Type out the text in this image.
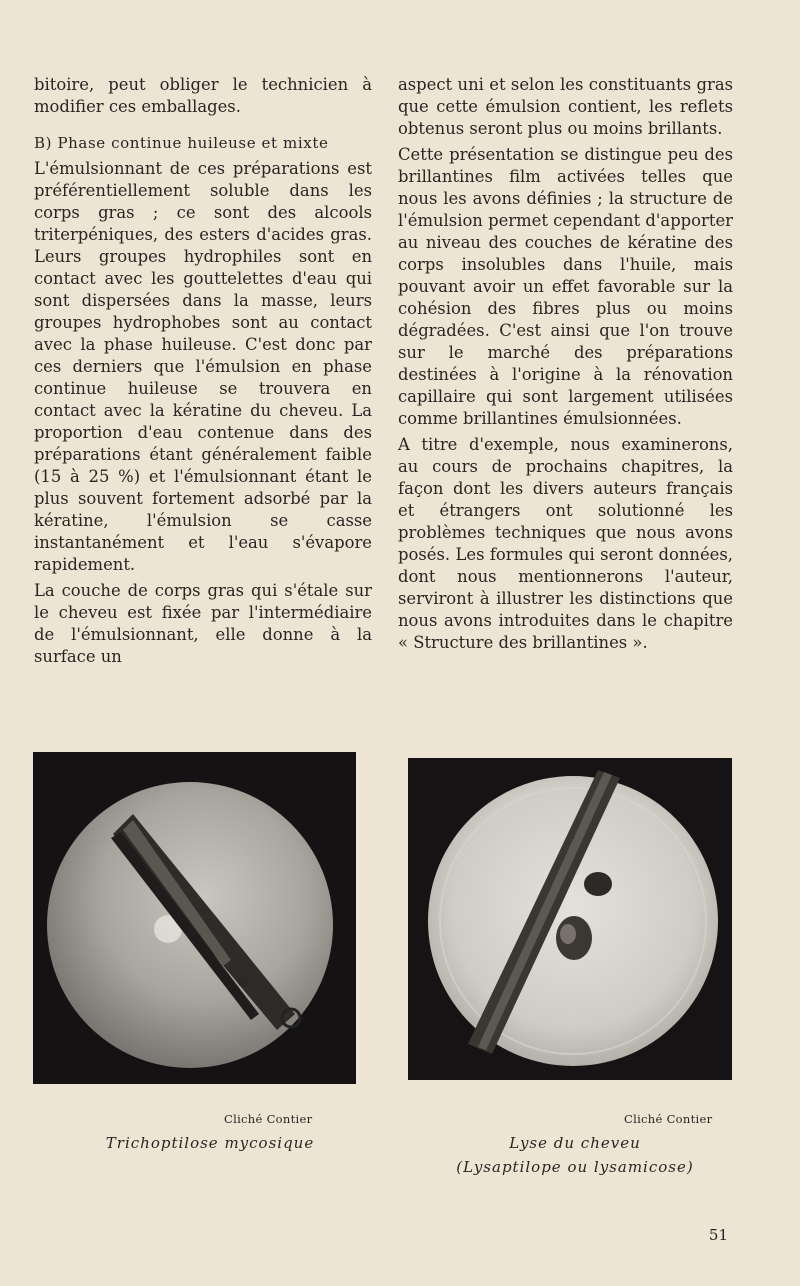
bitoire, peut obliger le technicien à modifier ces emballages.

B) Phase continue huileuse et mixte

L'émulsionnant de ces préparations est préférentiellement soluble dans les corps gras ; ce sont des alcools triterpéniques, des esters d'acides gras. Leurs groupes hydrophiles sont en contact avec les gouttelettes d'eau qui sont dispersées dans la masse, leurs groupes hydrophobes sont au contact avec la phase huileuse. C'est donc par ces derniers que l'émulsion en phase continue huileuse se trouvera en contact avec la kératine du cheveu. La proportion d'eau contenue dans des préparations étant généralement faible (15 à 25 %) et l'émulsionnant étant le plus souvent fortement adsorbé par la kératine, l'émulsion se casse instantanément et l'eau s'évapore rapidement.

La couche de corps gras qui s'étale sur le cheveu est fixée par l'intermédiaire de l'émulsionnant, elle donne à la surface un

aspect uni et selon les constituants gras que cette émulsion contient, les reflets obtenus seront plus ou moins brillants.

Cette présentation se distingue peu des brillantines film activées telles que nous les avons définies ; la structure de l'émulsion permet cependant d'apporter au niveau des couches de kératine des corps insolubles dans l'huile, mais pouvant avoir un effet favorable sur la cohésion des fibres plus ou moins dégradées. C'est ainsi que l'on trouve sur le marché des préparations destinées à l'origine à la rénovation capillaire qui sont largement utilisées comme brillantines émulsionnées.

A titre d'exemple, nous examinerons, au cours de prochains chapitres, la façon dont les divers auteurs français et étrangers ont solutionné les problèmes techniques que nous avons posés. Les formules qui seront données, dont nous mentionnerons l'auteur, serviront à illustrer les distinctions que nous avons introduites dans le chapitre « Structure des brillantines ».

Cliché Contier
Trichoptilose mycosique
Cliché Contier
Lyse du cheveu
(Lysaptilope ou lysamicose)
51
